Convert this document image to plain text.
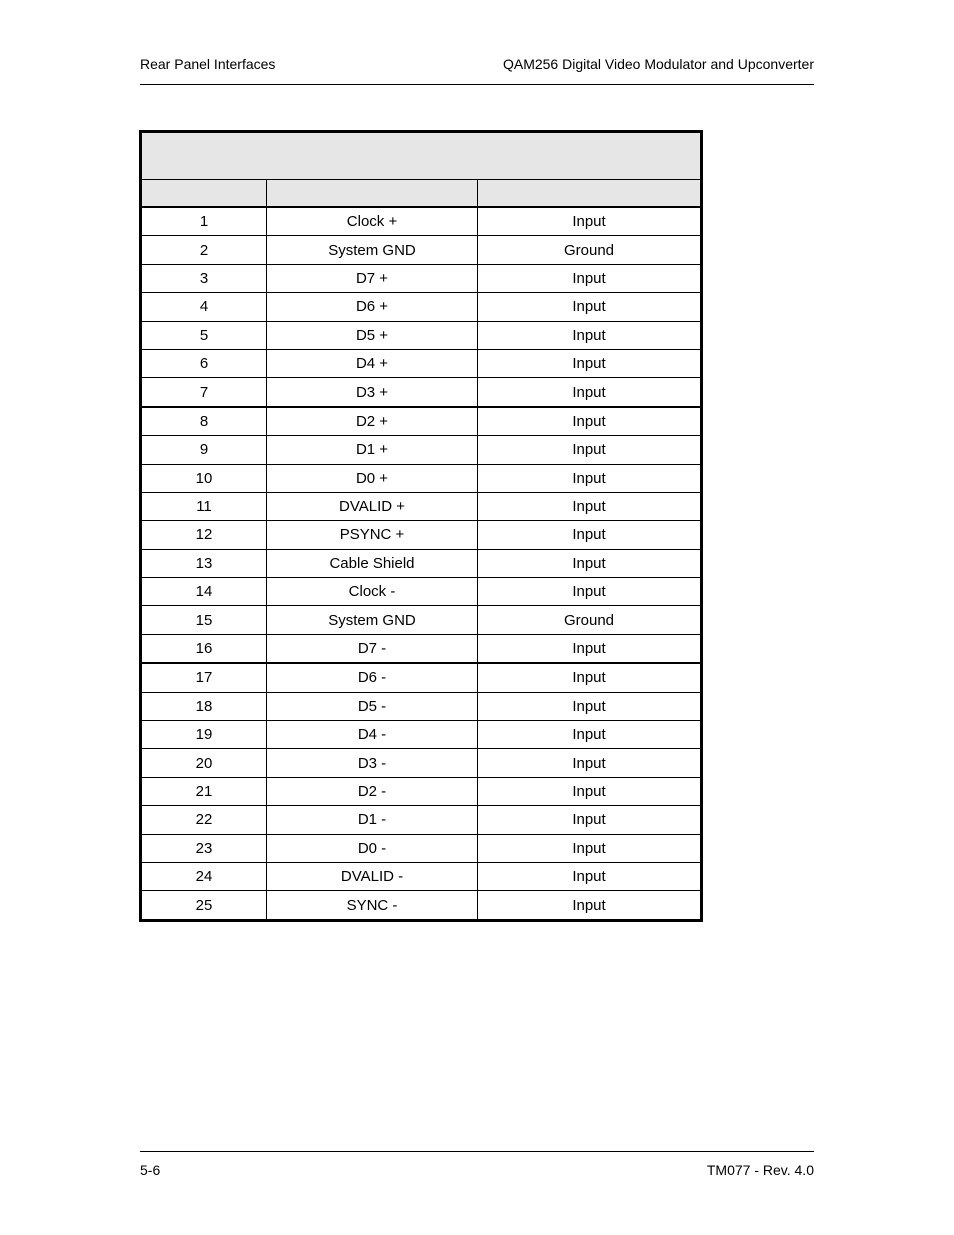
Rear Panel Interfaces	QAM256 Digital Video Modulator and Upconverter

1	Clock +	Input
2	System GND	Ground
3	D7 +	Input
4	D6 +	Input
5	D5 +	Input
6	D4 +	Input
7	D3 +	Input
8	D2 +	Input
9	D1 +	Input
10	D0 +	Input
11	DVALID +	Input
12	PSYNC +	Input
13	Cable Shield	Input
14	Clock -	Input
15	System GND	Ground
16	D7 -	Input
17	D6 -	Input
18	D5 -	Input
19	D4 -	Input
20	D3 -	Input
21	D2 -	Input
22	D1 -	Input
23	D0 -	Input
24	DVALID -	Input
25	SYNC -	Input
5-6	TM077 - Rev. 4.0
